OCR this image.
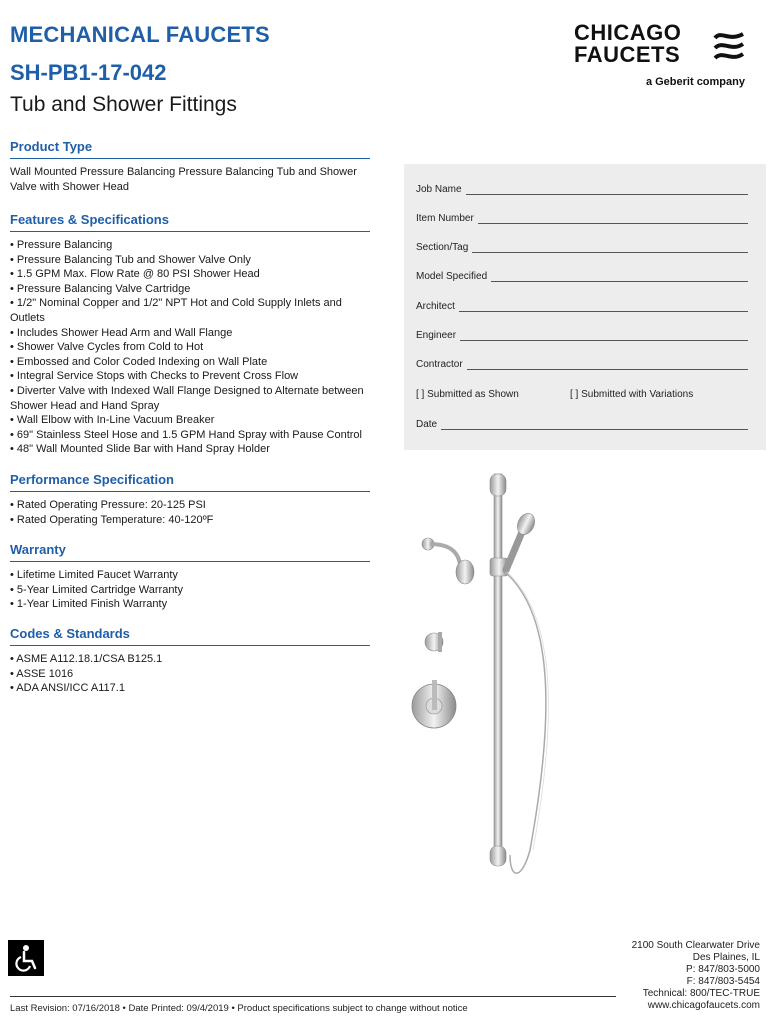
MECHANICAL FAUCETS
SH-PB1-17-042
Tub and Shower Fittings
CHICAGO
FAUCETS
a Geberit company
Product Type

Wall Mounted Pressure Balancing Pressure Balancing Tub and Shower Valve with Shower Head

Features & Specifications

• Pressure Balancing

• Pressure Balancing Tub and Shower Valve Only

• 1.5 GPM Max. Flow Rate @ 80 PSI Shower Head

• Pressure Balancing Valve Cartridge

• 1/2" Nominal Copper and 1/2" NPT Hot and Cold Supply Inlets and Outlets

• Includes Shower Head Arm and Wall Flange

• Shower Valve Cycles from Cold to Hot

• Embossed and Color Coded Indexing on Wall Plate

• Integral Service Stops with Checks to Prevent Cross Flow

• Diverter Valve with Indexed Wall Flange Designed to Alternate between Shower Head and Hand Spray

• Wall Elbow with In-Line Vacuum Breaker

• 69" Stainless Steel Hose and 1.5 GPM Hand Spray with Pause Control

• 48" Wall Mounted Slide Bar with Hand Spray Holder

Performance Specification

• Rated Operating Pressure: 20-125 PSI

• Rated Operating Temperature: 40-120ºF

Warranty

• Lifetime Limited Faucet Warranty

• 5-Year Limited Cartridge Warranty

• 1-Year Limited Finish Warranty

Codes & Standards

• ASME A112.18.1/CSA B125.1

• ASSE 1016

• ADA ANSI/ICC A117.1

Job Name
Item Number
Section/Tag
Model Specified
Architect
Engineer
Contractor
[ ] Submitted as Shown	[ ] Submitted with Variations
Date
2100 South Clearwater Drive
Des Plaines, IL
P: 847/803-5000
F: 847/803-5454
Technical: 800/TEC-TRUE
www.chicagofaucets.com
Last Revision: 07/16/2018 • Date Printed: 09/4/2019 • Product specifications subject to change without notice
